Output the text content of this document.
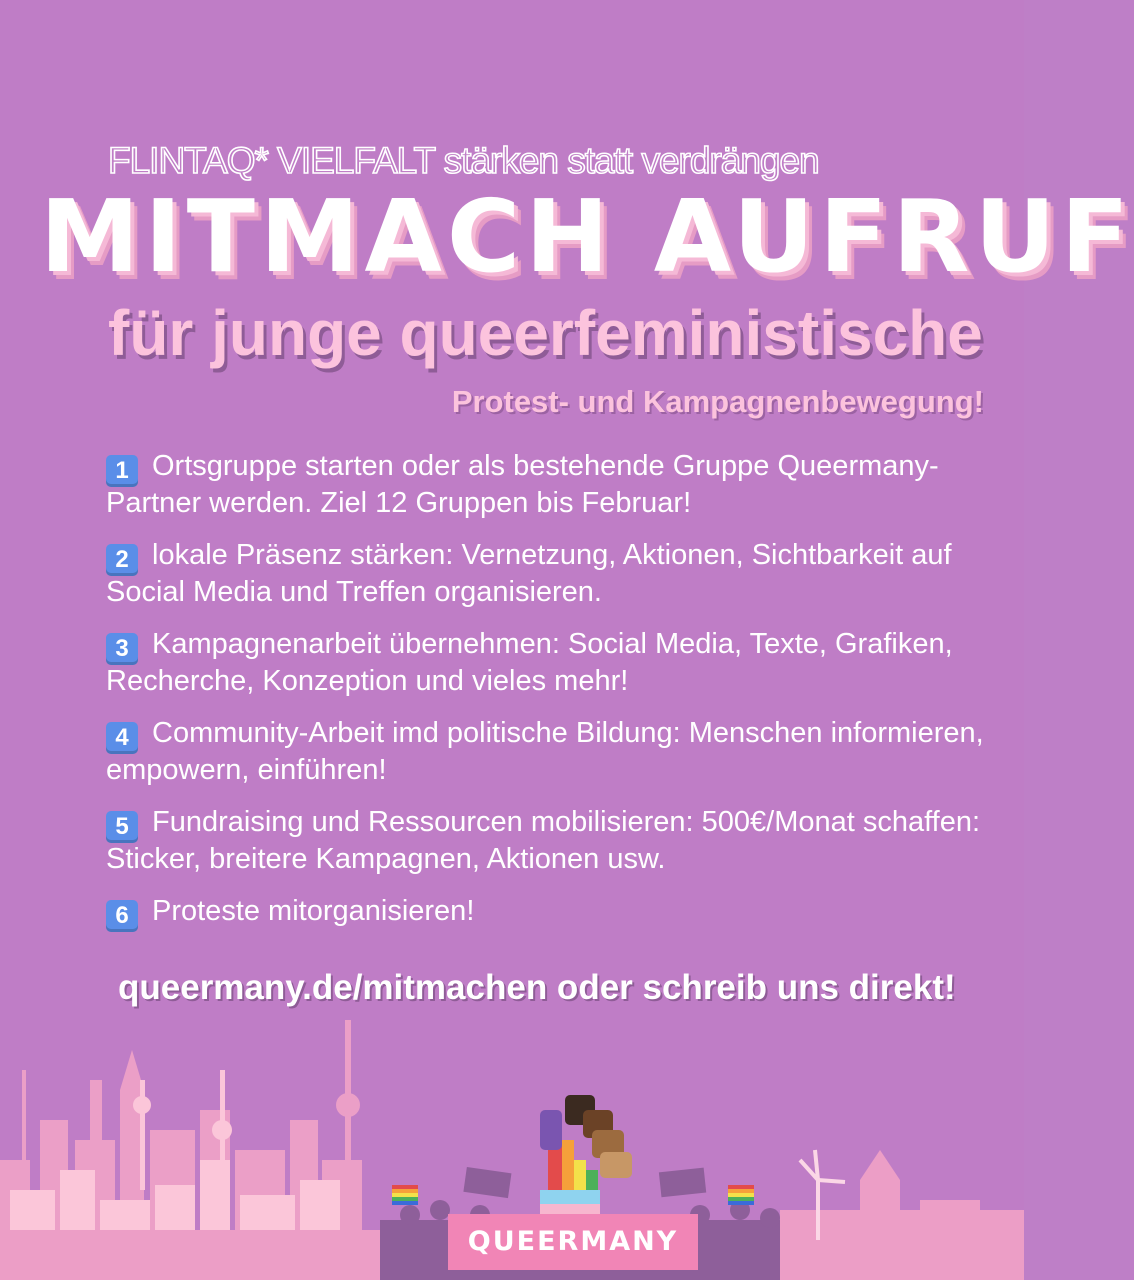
FLINTAQ* VIELFALT stärken statt verdrängen
MITMACH AUFRUF
für junge queerfeministische
Protest- und Kampagnenbewegung!
1 Ortsgruppe starten oder als bestehende Gruppe Queermany-Partner werden. Ziel 12 Gruppen bis Februar!
2 lokale Präsenz stärken: Vernetzung, Aktionen, Sichtbarkeit auf Social Media und Treffen organisieren.
3 Kampagnenarbeit übernehmen: Social Media, Texte, Grafiken, Recherche, Konzeption und vieles mehr!
4 Community-Arbeit imd politische Bildung: Menschen informieren, empowern, einführen!
5 Fundraising und Ressourcen mobilisieren: 500€/Monat schaffen: Sticker, breitere Kampagnen, Aktionen usw.
6 Proteste mitorganisieren!
queermany.de/mitmachen oder schreib uns direkt!
QUEERMANY
